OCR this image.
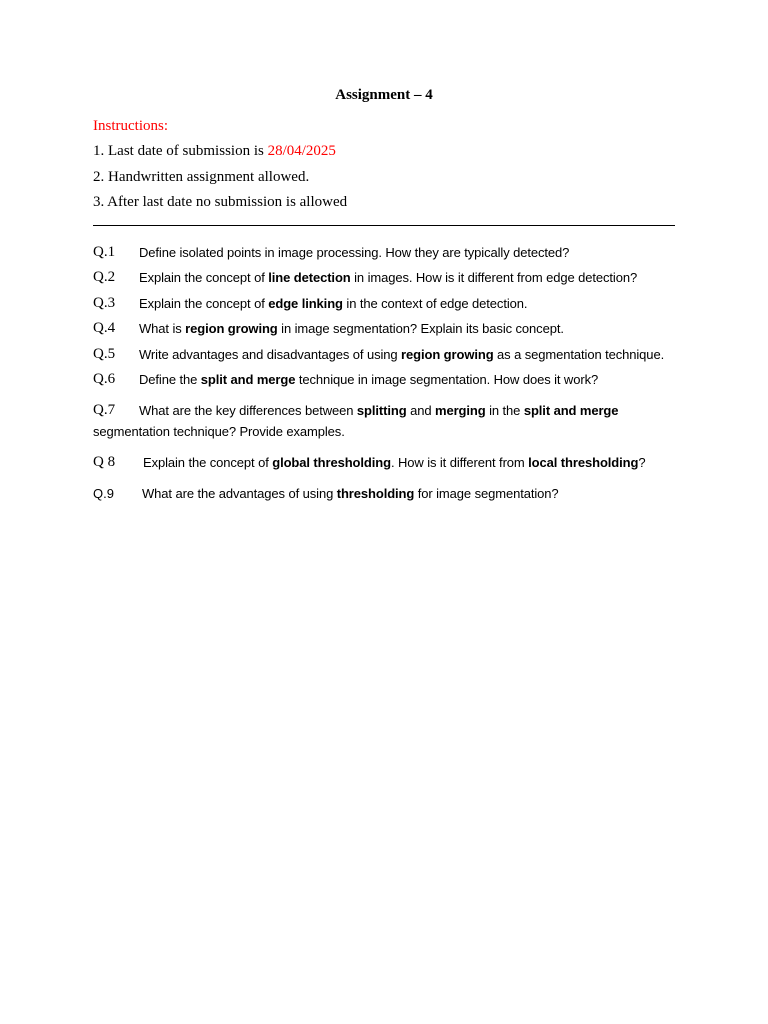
Assignment – 4
Instructions:
1. Last date of submission is 28/04/2025
2. Handwritten assignment allowed.
3. After last date no submission is allowed
Q.1 Define isolated points in image processing. How they are typically detected?
Q.2 Explain the concept of line detection in images. How is it different from edge detection?
Q.3 Explain the concept of edge linking in the context of edge detection.
Q.4 What is region growing in image segmentation? Explain its basic concept.
Q.5 Write advantages and disadvantages of using region growing as a segmentation technique.
Q.6 Define the split and merge technique in image segmentation. How does it work?
Q.7 What are the key differences between splitting and merging in the split and merge
segmentation technique? Provide examples.
Q 8 Explain the concept of global thresholding. How is it different from local thresholding?
Q.9 What are the advantages of using thresholding for image segmentation?
